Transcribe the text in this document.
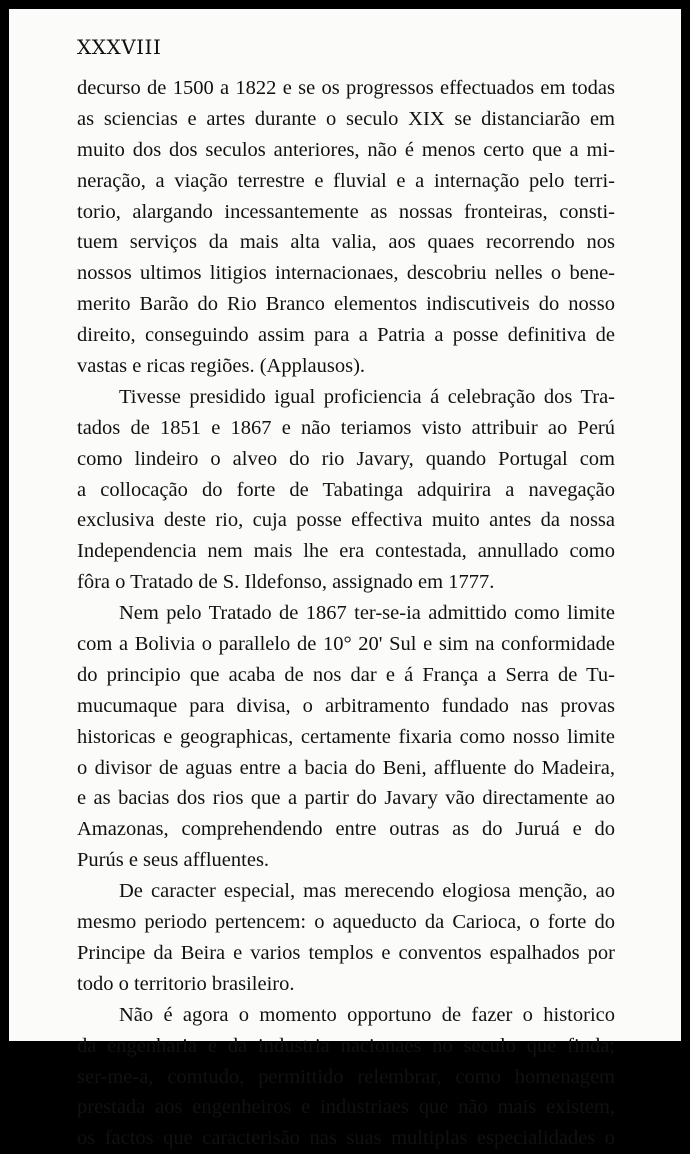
XXXVIII
decurso de 1500 a 1822 e se os progressos effectuados em todas
as sciencias e artes durante o seculo XIX se distanciarão em
muito dos dos seculos anteriores, não é menos certo que a mi-
neração, a viação terrestre e fluvial e a internação pelo terri-
torio, alargando incessantemente as nossas fronteiras, consti-
tuem serviços da mais alta valia, aos quaes recorrendo nos
nossos ultimos litigios internacionaes, descobriu nelles o bene-
merito Barão do Rio Branco elementos indiscutiveis do nosso
direito, conseguindo assim para a Patria a posse definitiva de
vastas e ricas regiões. (Applausos).
Tivesse presidido igual proficiencia á celebração dos Tra-
tados de 1851 e 1867 e não teriamos visto attribuir ao Perú
como lindeiro o alveo do rio Javary, quando Portugal com
a collocação do forte de Tabatinga adquirira a navegação
exclusiva deste rio, cuja posse effectiva muito antes da nossa
Independencia nem mais lhe era contestada, annullado como
fôra o Tratado de S. Ildefonso, assignado em 1777.
Nem pelo Tratado de 1867 ter-se-ia admittido como limite
com a Bolivia o parallelo de 10° 20' Sul e sim na conformidade
do principio que acaba de nos dar e á França a Serra de Tu-
mucumaque para divisa, o arbitramento fundado nas provas
historicas e geographicas, certamente fixaria como nosso limite
o divisor de aguas entre a bacia do Beni, affluente do Madeira,
e as bacias dos rios que a partir do Javary vão directamente ao
Amazonas, comprehendendo entre outras as do Juruá e do
Purús e seus affluentes.
De caracter especial, mas merecendo elogiosa menção, ao
mesmo periodo pertencem: o aqueducto da Carioca, o forte do
Principe da Beira e varios templos e conventos espalhados por
todo o territorio brasileiro.
Não é agora o momento opportuno de fazer o historico
da engenharia e da industria nacionaes no seculo que finda;
ser-me-a, comtudo, permittido relembrar, como homenagem
prestada aos engenheiros e industriaes que não mais existem,
os factos que caracterisão nas suas multiplas especialidades o
